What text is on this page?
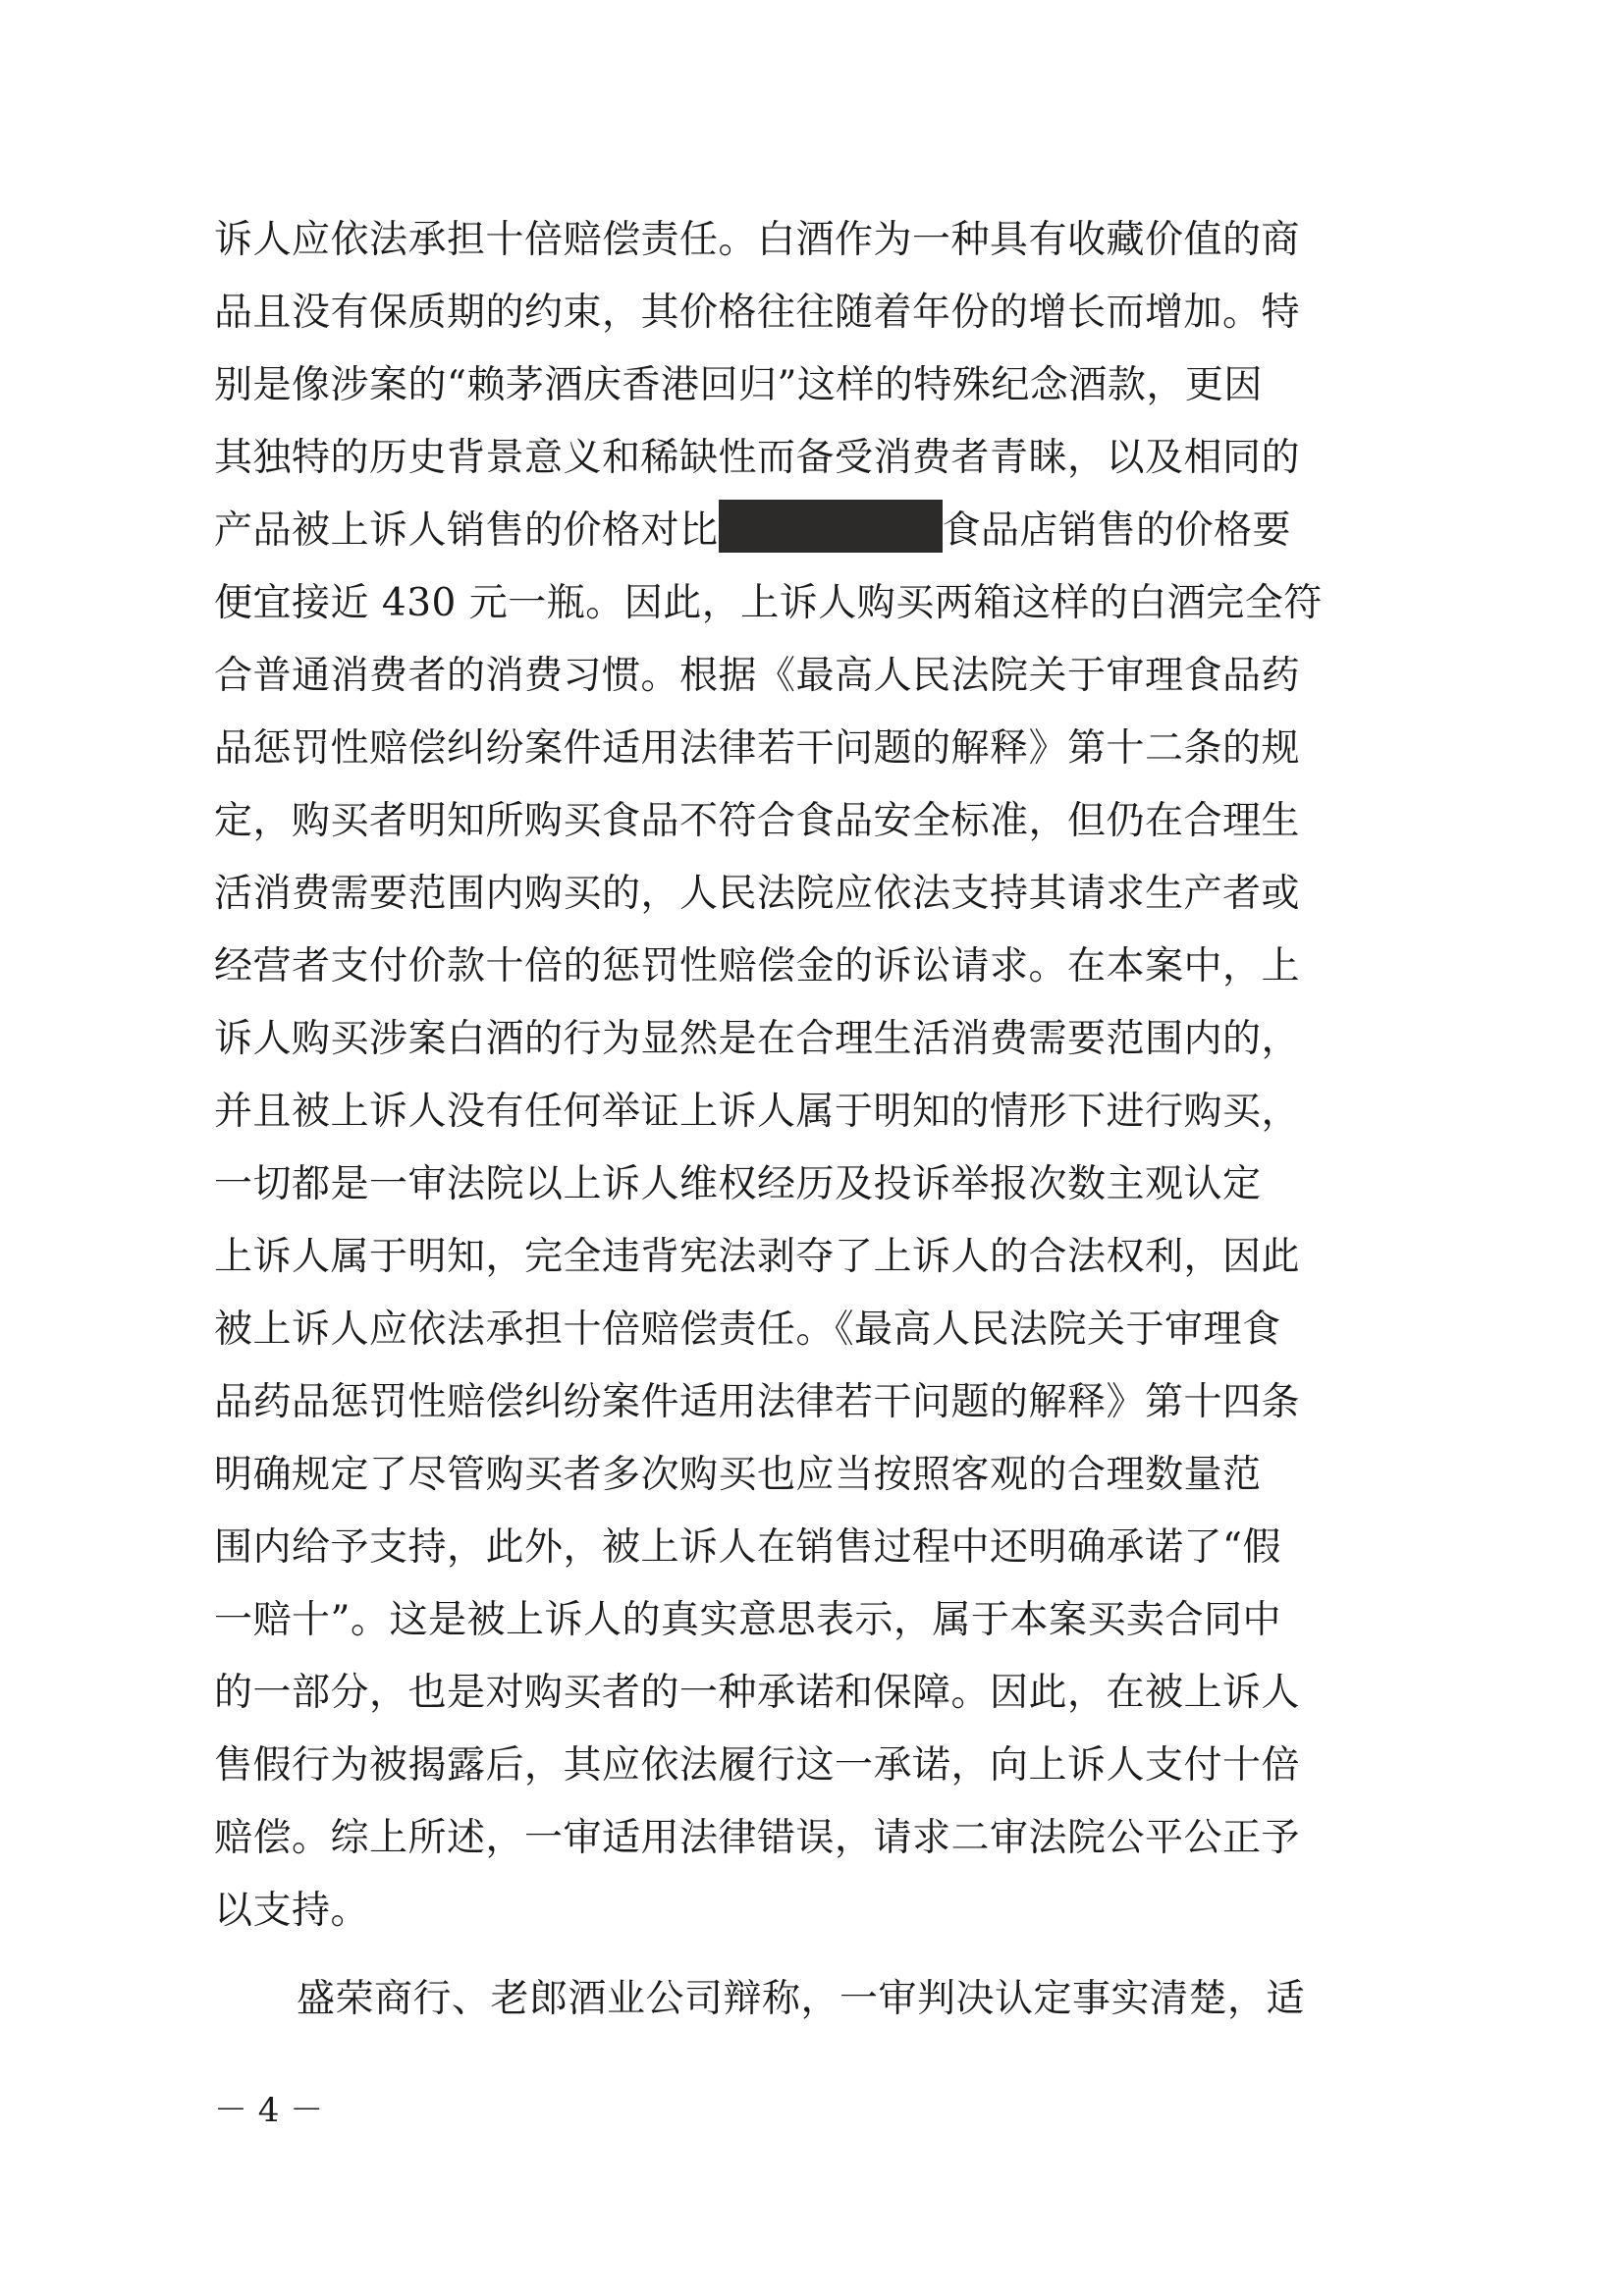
诉人应依法承担十倍赔偿责任。白酒作为一种具有收藏价值的商
品且没有保质期的约束，其价格往往随着年份的增长而增加。特
别是像涉案的“赖茅酒庆香港回归”这样的特殊纪念酒款，更因
其独特的历史背景意义和稀缺性而备受消费者青睐，以及相同的
产品被上诉人销售的价格对比	食品店销售的价格要
便宜接近 430 元一瓶。因此，上诉人购买两箱这样的白酒完全符
合普通消费者的消费习惯。根据《最高人民法院关于审理食品药
品惩罚性赔偿纠纷案件适用法律若干问题的解释》第十二条的规
定，购买者明知所购买食品不符合食品安全标准，但仍在合理生
活消费需要范围内购买的，人民法院应依法支持其请求生产者或
经营者支付价款十倍的惩罚性赔偿金的诉讼请求。在本案中，上
诉人购买涉案白酒的行为显然是在合理生活消费需要范围内的，
并且被上诉人没有任何举证上诉人属于明知的情形下进行购买，
一切都是一审法院以上诉人维权经历及投诉举报次数主观认定
上诉人属于明知，完全违背宪法剥夺了上诉人的合法权利，因此
被上诉人应依法承担十倍赔偿责任。《最高人民法院关于审理食
品药品惩罚性赔偿纠纷案件适用法律若干问题的解释》第十四条
明确规定了尽管购买者多次购买也应当按照客观的合理数量范
围内给予支持，此外，被上诉人在销售过程中还明确承诺了“假
一赔十”。这是被上诉人的真实意思表示，属于本案买卖合同中
的一部分，也是对购买者的一种承诺和保障。因此，在被上诉人
售假行为被揭露后，其应依法履行这一承诺，向上诉人支付十倍
赔偿。综上所述，一审适用法律错误，请求二审法院公平公正予
以支持。
盛荣商行、老郎酒业公司辩称，一审判决认定事实清楚，适
－ 4 －
